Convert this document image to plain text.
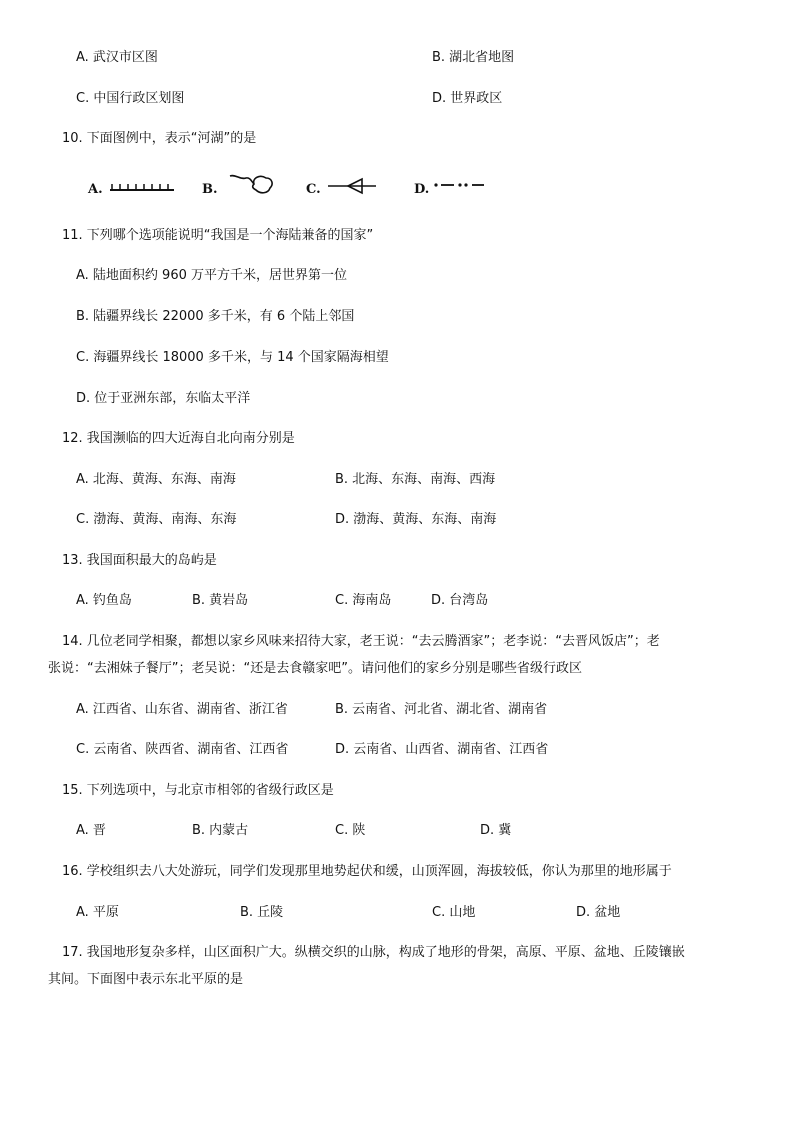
A. 武汉市区图	B. 湖北省地图
C. 中国行政区划图	D. 世界政区
10. 下面图例中，表示“河湖”的是
A.	B.	C.	D.
11. 下列哪个选项能说明“我国是一个海陆兼备的国家”
A. 陆地面积约 960 万平方千米，居世界第一位
B. 陆疆界线长 22000 多千米，有 6 个陆上邻国
C. 海疆界线长 18000 多千米，与 14 个国家隔海相望
D. 位于亚洲东部，东临太平洋
12. 我国濒临的四大近海自北向南分别是
A. 北海、黄海、东海、南海	B. 北海、东海、南海、西海
C. 渤海、黄海、南海、东海	D. 渤海、黄海、东海、南海
13. 我国面积最大的岛屿是
A. 钓鱼岛	B. 黄岩岛	C. 海南岛	D. 台湾岛
14. 几位老同学相聚，都想以家乡风味来招待大家，老王说：“去云腾酒家”；老李说：“去晋风饭店”；老
张说：“去湘妹子餐厅”；老吴说：“还是去食赣家吧”。请问他们的家乡分别是哪些省级行政区
A. 江西省、山东省、湖南省、浙江省	B. 云南省、河北省、湖北省、湖南省
C. 云南省、陕西省、湖南省、江西省	D. 云南省、山西省、湖南省、江西省
15. 下列选项中，与北京市相邻的省级行政区是
A. 晋	B. 内蒙古	C. 陕	D. 冀
16. 学校组织去八大处游玩，同学们发现那里地势起伏和缓，山顶浑圆，海拔较低，你认为那里的地形属于
A. 平原	B. 丘陵	C. 山地	D. 盆地
17. 我国地形复杂多样，山区面积广大。纵横交织的山脉，构成了地形的骨架，高原、平原、盆地、丘陵镶嵌
其间。下面图中表示东北平原的是
